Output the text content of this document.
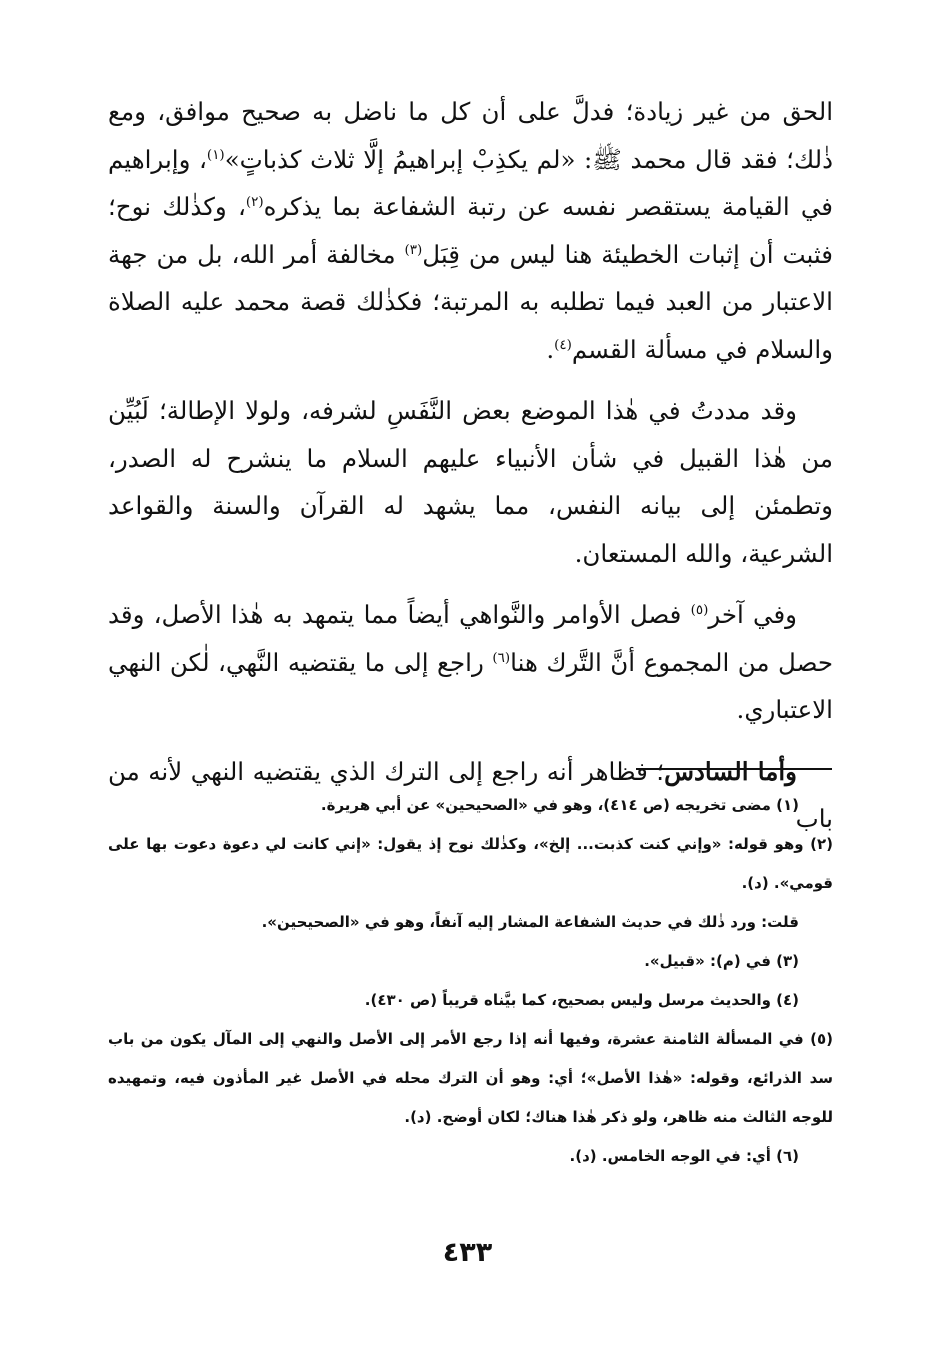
الحق من غير زيادة؛ فدلَّ على أن كل ما ناضل به صحيح موافق، ومع ذٰلك؛ فقد قال محمد ﷺ: «لم يكذِبْ إبراهيمُ إلَّا ثلاث كذباتٍ»$^{(١)}$، وإبراهيم في القيامة يستقصر نفسه عن رتبة الشفاعة بما يذكره$^{(٢)}$، وكذٰلك نوح؛ فثبت أن إثبات الخطيئة هنا ليس من قِبَل$^{(٣)}$ مخالفة أمر الله، بل من جهة الاعتبار من العبد فيما تطلبه به المرتبة؛ فكذٰلك قصة محمد عليه الصلاة والسلام في مسألة القسم$^{(٤)}$.

وقد مددتُ في هٰذا الموضع بعض النَّفَسِ لشرفه، ولولا الإطالة؛ لَبُيِّن من هٰذا القبيل في شأن الأنبياء عليهم السلام ما ينشرح له الصدر، وتطمئن إلى بيانه النفس، مما يشهد له القرآن والسنة والقواعد الشرعية، والله المستعان.

وفي آخر$^{(٥)}$ فصل الأوامر والنَّواهي أيضاً مما يتمهد به هٰذا الأصل، وقد حصل من المجموع أنَّ التَّرك هنا$^{(٦)}$ راجع إلى ما يقتضيه النَّهي، لٰكن النهي الاعتباري.

وأما السادس؛ فظاهر أنه راجع إلى الترك الذي يقتضيه النهي لأنه من باب

(١) مضى تخريجه (ص ٤١٤)، وهو في «الصحيحين» عن أبي هريرة.

(٢) وهو قوله: «وإني كنت كذبت... إلخ»، وكذٰلك نوح إذ يقول: «إني كانت لي دعوة دعوت بها على قومي». (د).

قلت: ورد ذٰلك في حديث الشفاعة المشار إليه آنفاً، وهو في «الصحيحين».

(٣) في (م): «قبيل».

(٤) والحديث مرسل وليس بصحيح، كما بيَّناه قريباً (ص ٤٣٠).

(٥) في المسألة الثامنة عشرة، وفيها أنه إذا رجع الأمر إلى الأصل والنهي إلى المآل يكون من باب سد الذرائع، وقوله: «هٰذا الأصل»؛ أي: وهو أن الترك محله في الأصل غير المأذون فيه، وتمهيده للوجه الثالث منه ظاهر، ولو ذكر هٰذا هناك؛ لكان أوضح. (د).

(٦) أي: في الوجه الخامس. (د).

٤٣٣
